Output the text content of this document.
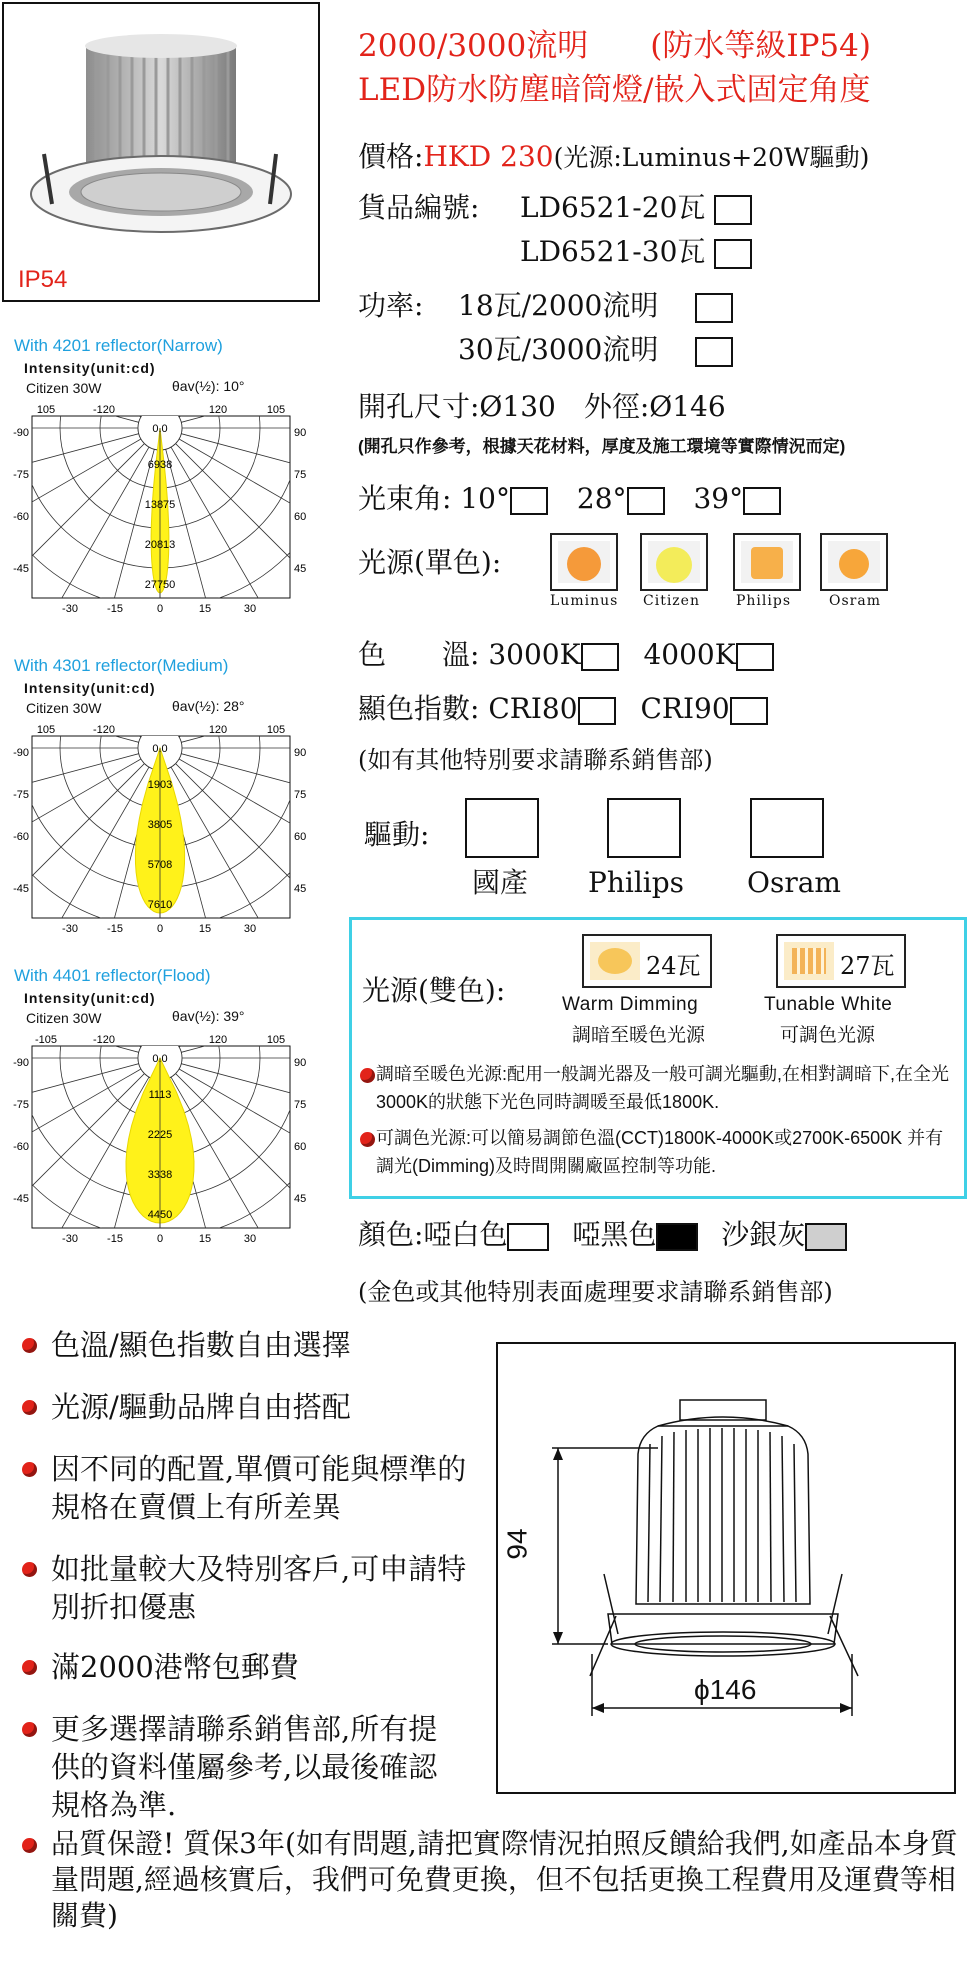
IP54
2000/3000流明　　(防水等級IP54)
LED防水防塵暗筒燈/嵌入式固定角度
價格:HKD 230(光源:Luminus+20W驅動)
貨品編號: LD6521-20瓦
LD6521-30瓦
功率: 18瓦/2000流明
30瓦/3000流明
開孔尺寸:Ø130　外徑:Ø146
(開孔只作參考，根據天花材料，厚度及施工環境等實際情況而定)
光束角: 10° 28° 39°
光源(單色):
Luminus Citizen	Philips	Osram
色　　溫: 3000K 4000K
顯色指數: CRI80 CRI90
(如有其他特別要求請聯系銷售部)
驅動:
國產 Philips Osram
光源(雙色):
24瓦
Warm Dimming
調暗至暖色光源
27瓦
Tunable White
可調色光源
調暗至暖色光源:配用一般調光器及一般可調光驅動,在相對調暗下,在全光3000K的狀態下光色同時調暖至最低1800K.
可調色光源:可以簡易調節色溫(CCT)1800K-4000K或2700K-6500K 并有調光(Dimming)及時間開關廠區控制等功能.
顏色:啞白色 啞黑色 沙銀灰
(金色或其他特別表面處理要求請聯系銷售部)
With 4201 reflector(Narrow)
Intensity(unit:cd)
Citizen 30W	θav(½): 10°
0.0
6938
13875
20813
27750
105	-120	120	105
-90
-75
-60
-45
90
75
60
45
-30	-15	0	15	30
With 4301 reflector(Medium)
Intensity(unit:cd)
Citizen 30W	θav(½): 28°
0.0
1903
3805
5708
7610
105	-120	120	105
-90
-75
-60
-45
90
75
60
45
-30	-15	0	15	30
With 4401 reflector(Flood)
Intensity(unit:cd)
Citizen 30W	θav(½): 39°
0.0
1113
2225
3338
4450
-105	-120	120	105
-90
-75
-60
-45
90
75
60
45
-30	-15	0	15	30
色溫/顯色指數自由選擇
光源/驅動品牌自由搭配
因不同的配置,單價可能與標準的規格在賣價上有所差異
如批量較大及特別客戶,可申請特別折扣優惠
滿2000港幣包郵費
更多選擇請聯系銷售部,所有提供的資料僅屬參考,以最後確認規格為準.
94
ϕ146
品質保證! 質保3年(如有問題,請把實際情況拍照反饋給我們,如產品本身質量問題,經過核實后，我們可免費更換，但不包括更換工程費用及運費等相關費)
